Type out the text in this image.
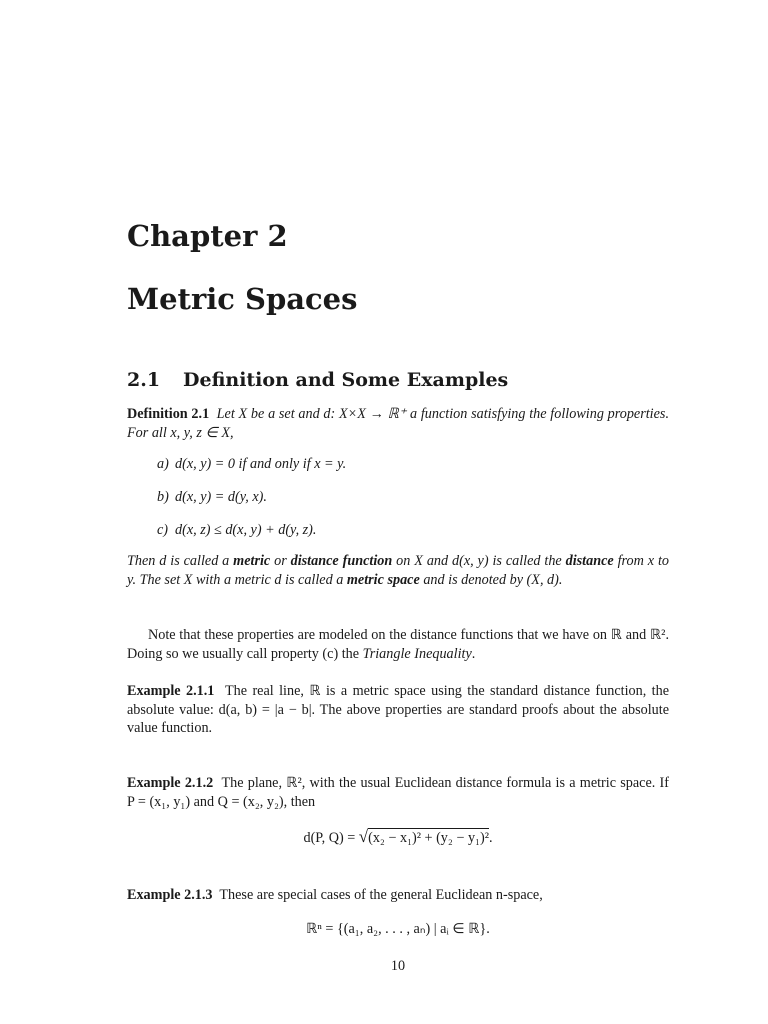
Chapter 2
Metric Spaces
2.1 Definition and Some Examples

Definition 2.1 Let X be a set and d: X×X → ℝ⁺ a function satisfying the following properties. For all x, y, z ∈ X,

a) d(x, y) = 0 if and only if x = y.
b) d(x, y) = d(y, x).
c) d(x, z) ≤ d(x, y) + d(y, z).

Then d is called a metric or distance function on X and d(x, y) is called the distance from x to y. The set X with a metric d is called a metric space and is denoted by (X, d).

Note that these properties are modeled on the distance functions that we have on ℝ and ℝ². Doing so we usually call property (c) the Triangle Inequality.

Example 2.1.1 The real line, ℝ is a metric space using the standard distance function, the absolute value: d(a, b) = |a − b|. The above properties are standard proofs about the absolute value function.

Example 2.1.2 The plane, ℝ², with the usual Euclidean distance formula is a metric space. If P = (x₁, y₁) and Q = (x₂, y₂), then

d(P, Q) = √(x₂ − x₁)² + (y₂ − y₁)².

Example 2.1.3 These are special cases of the general Euclidean n-space,

ℝⁿ = {(a₁, a₂, . . . , aₙ) | aᵢ ∈ ℝ}.
10
